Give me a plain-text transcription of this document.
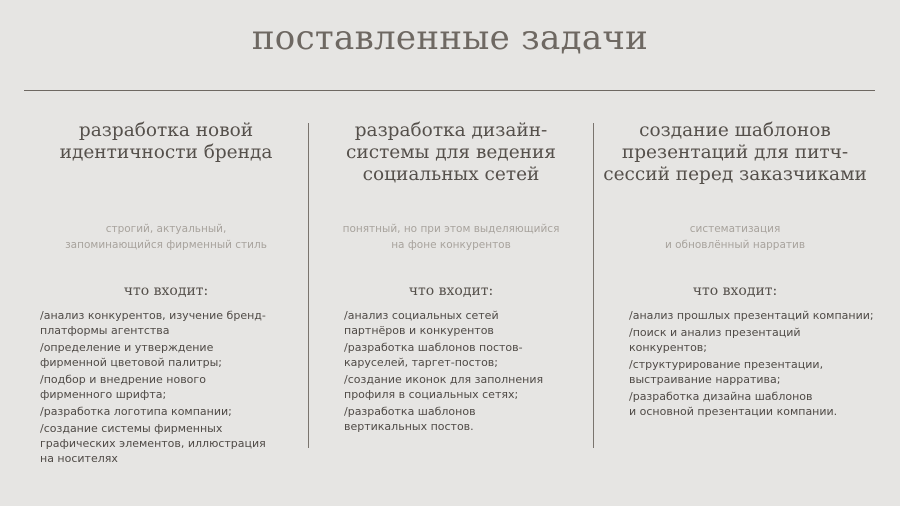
поставленные задачи
разработка новой
идентичности бренда
строгий, актуальный,
запоминающийся фирменный стиль
что входит:
/анализ конкурентов, изучение бренд-
платформы агентства
/определение и утверждение
фирменной цветовой палитры;
/подбор и внедрение нового
фирменного шрифта;
/разработка логотипа компании;
/создание системы фирменных
графических элементов, иллюстрация
на носителях
разработка дизайн-
системы для ведения
социальных сетей
понятный, но при этом выделяющийся
на фоне конкурентов
что входит:
/анализ социальных сетей
партнёров и конкурентов
/разработка шаблонов постов-
каруселей, таргет-постов;
/создание иконок для заполнения
профиля в социальных сетях;
/разработка шаблонов
вертикальных постов.
создание шаблонов
презентаций для питч-
сессий перед заказчиками
систематизация
и обновлённый нарратив
что входит:
/анализ прошлых презентаций компании;
/поиск и анализ презентаций
конкурентов;
/структурирование презентации,
выстраивание нарратива;
/разработка дизайна шаблонов
и основной презентации компании.
